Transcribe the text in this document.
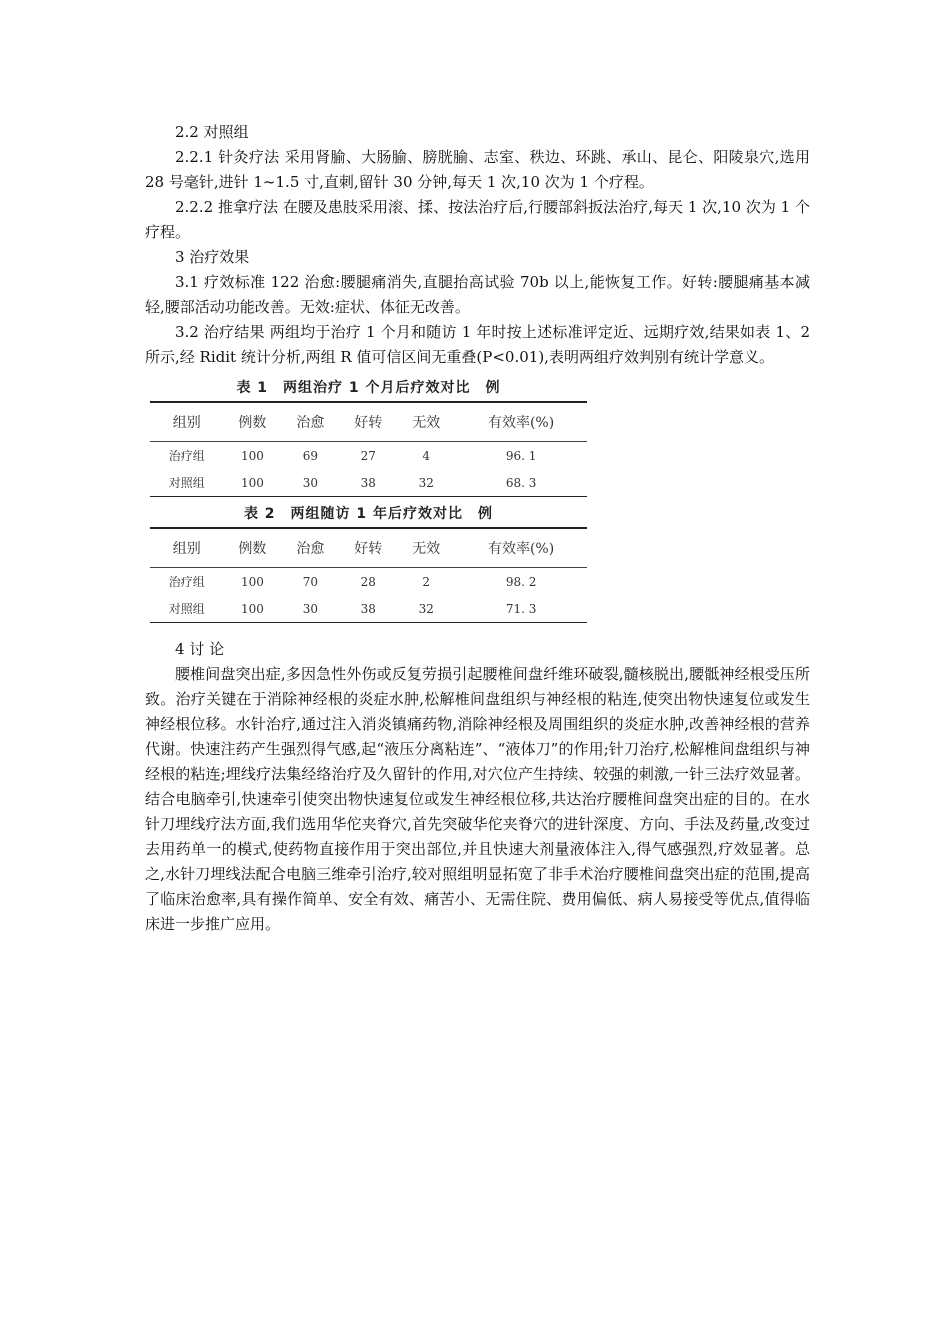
2.2 对照组

2.2.1 针灸疗法 采用肾腧、大肠腧、膀胱腧、志室、秩边、环跳、承山、昆仑、阳陵泉穴,选用 28 号毫针,进针 1~1.5 寸,直刺,留针 30 分钟,每天 1 次,10 次为 1 个疗程。

2.2.2 推拿疗法 在腰及患肢采用滚、揉、按法治疗后,行腰部斜扳法治疗,每天 1 次,10 次为 1 个疗程。

3 治疗效果

3.1 疗效标准 122 治愈:腰腿痛消失,直腿抬高试验 70b 以上,能恢复工作。好转:腰腿痛基本减轻,腰部活动功能改善。无效:症状、体征无改善。

3.2 治疗结果 两组均于治疗 1 个月和随访 1 年时按上述标准评定近、远期疗效,结果如表 1、2 所示,经 Ridit 统计分析,两组 R 值可信区间无重叠(P<0.01),表明两组疗效判别有统计学意义。

表 1　两组治疗 1 个月后疗效对比　例
组别	例数	治愈	好转	无效	有效率(%)
治疗组	100	69	27	4	96. 1
对照组	100	30	38	32	68. 3
表 2　两组随访 1 年后疗效对比　例
组别	例数	治愈	好转	无效	有效率(%)
治疗组	100	70	28	2	98. 2
对照组	100	30	38	32	71. 3

4 讨 论

腰椎间盘突出症,多因急性外伤或反复劳损引起腰椎间盘纤维环破裂,髓核脱出,腰骶神经根受压所致。治疗关键在于消除神经根的炎症水肿,松解椎间盘组织与神经根的粘连,使突出物快速复位或发生神经根位移。水针治疗,通过注入消炎镇痛药物,消除神经根及周围组织的炎症水肿,改善神经根的营养代谢。快速注药产生强烈得气感,起“液压分离粘连”、“液体刀”的作用;针刀治疗,松解椎间盘组织与神经根的粘连;埋线疗法集经络治疗及久留针的作用,对穴位产生持续、较强的刺激,一针三法疗效显著。结合电脑牵引,快速牵引使突出物快速复位或发生神经根位移,共达治疗腰椎间盘突出症的目的。在水针刀埋线疗法方面,我们选用华佗夹脊穴,首先突破华佗夹脊穴的进针深度、方向、手法及药量,改变过去用药单一的模式,使药物直接作用于突出部位,并且快速大剂量液体注入,得气感强烈,疗效显著。总之,水针刀埋线法配合电脑三维牵引治疗,较对照组明显拓宽了非手术治疗腰椎间盘突出症的范围,提高了临床治愈率,具有操作简单、安全有效、痛苦小、无需住院、费用偏低、病人易接受等优点,值得临床进一步推广应用。
